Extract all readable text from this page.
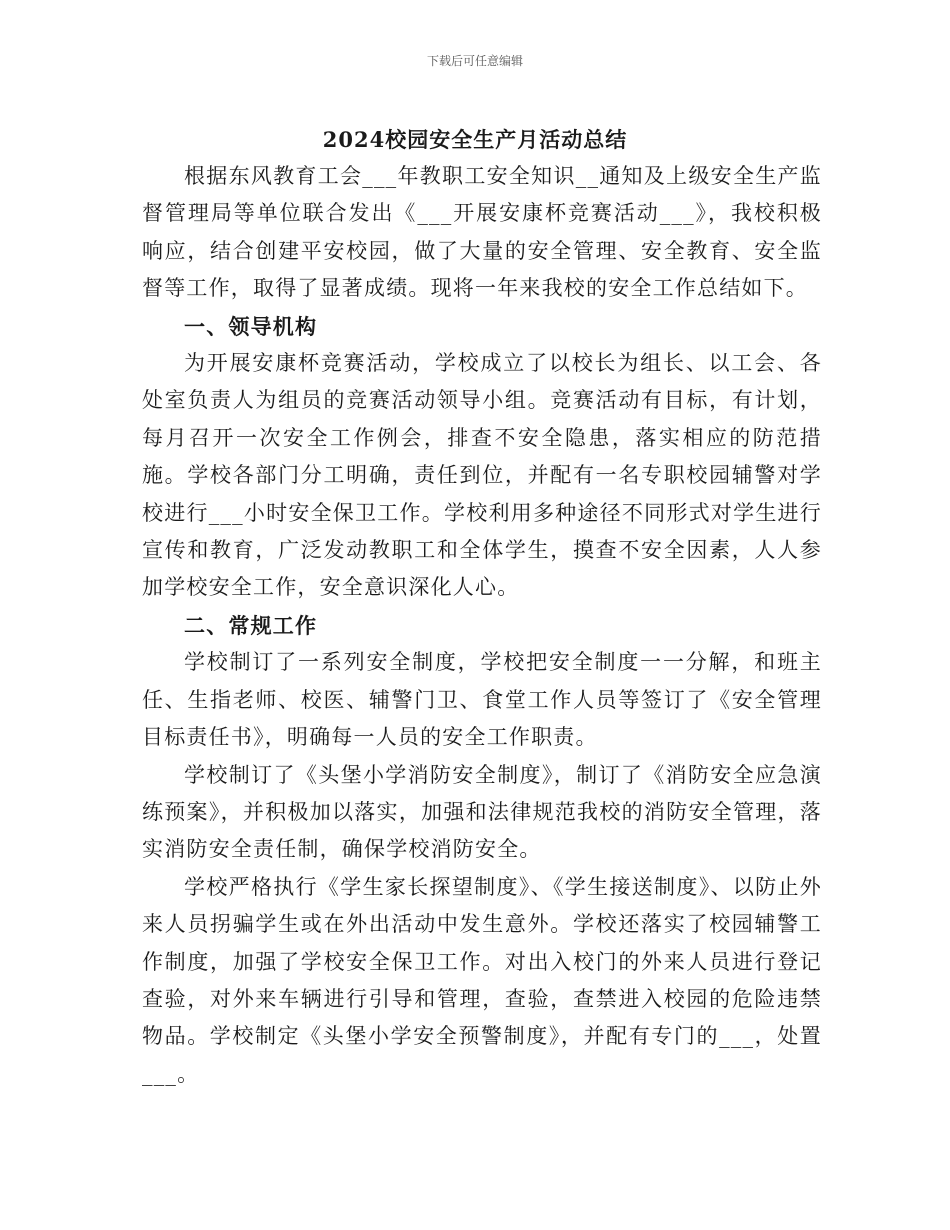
下载后可任意编辑
2024校园安全生产月活动总结

根据东风教育工会___年教职工安全知识__通知及上级安全生产监督管理局等单位联合发出《___开展安康杯竞赛活动___》，我校积极响应，结合创建平安校园，做了大量的安全管理、安全教育、安全监督等工作，取得了显著成绩。现将一年来我校的安全工作总结如下。

一、领导机构

为开展安康杯竞赛活动，学校成立了以校长为组长、以工会、各处室负责人为组员的竞赛活动领导小组。竞赛活动有目标，有计划，每月召开一次安全工作例会，排查不安全隐患，落实相应的防范措施。学校各部门分工明确，责任到位，并配有一名专职校园辅警对学校进行___小时安全保卫工作。学校利用多种途径不同形式对学生进行宣传和教育，广泛发动教职工和全体学生，摸查不安全因素，人人参加学校安全工作，安全意识深化人心。

二、常规工作

学校制订了一系列安全制度，学校把安全制度一一分解，和班主任、生指老师、校医、辅警门卫、食堂工作人员等签订了《安全管理目标责任书》，明确每一人员的安全工作职责。

学校制订了《头堡小学消防安全制度》，制订了《消防安全应急演练预案》，并积极加以落实，加强和法律规范我校的消防安全管理，落实消防安全责任制，确保学校消防安全。

学校严格执行《学生家长探望制度》、《学生接送制度》、以防止外来人员拐骗学生或在外出活动中发生意外。学校还落实了校园辅警工作制度，加强了学校安全保卫工作。对出入校门的外来人员进行登记查验，对外来车辆进行引导和管理，查验，查禁进入校园的危险违禁物品。学校制定《头堡小学安全预警制度》，并配有专门的___，处置___。
